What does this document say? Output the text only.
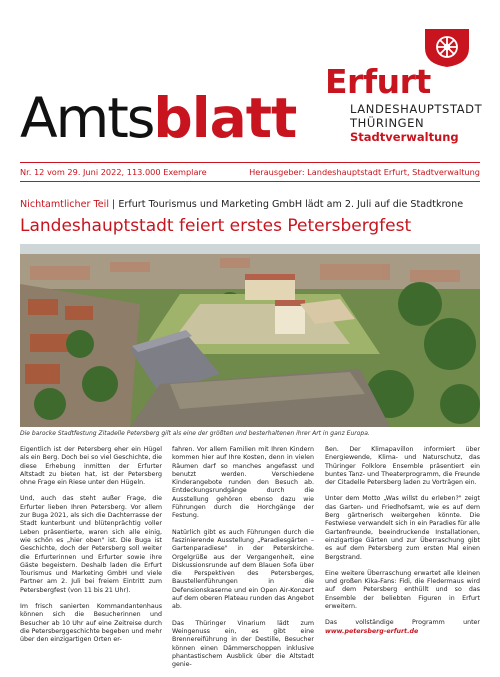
Amtsblatt
Erfurt
LANDESHAUPTSTADT
THÜRINGEN
Stadtverwaltung
Nr. 12 vom 29. Juni 2022, 113.000 Exemplare	Herausgeber: Landeshauptstadt Erfurt, Stadtverwaltung
Nichtamtlicher Teil | Erfurt Tourismus und Marketing GmbH lädt am 2. Juli auf die Stadtkrone
Landeshauptstadt feiert erstes Petersbergfest
Die barocke Stadtfestung Zitadelle Petersberg gilt als eine der größten und besterhaltenen ihrer Art in ganz Europa.

Eigentlich ist der Petersberg eher ein Hügel als ein Berg. Doch bei so viel Geschichte, die diese Erhebung inmitten der Erfurter Altstadt zu bieten hat, ist der Petersberg ohne Frage ein Riese unter den Hügeln.

Und, auch das steht außer Frage, die Erfurter lieben Ihren Petersberg. Vor allem zur Buga 2021, als sich die Dachterrasse der Stadt kunterbunt und blütenprächtig voller Leben präsentierte, waren sich alle einig, wie schön es „hier oben" ist. Die Buga ist Geschichte, doch der Petersberg soll weiter die Erfurterinnen und Erfurter sowie ihre Gäste begeistern. Deshalb laden die Erfurt Tourismus und Marketing GmbH und viele Partner am 2. Juli bei freiem Eintritt zum Petersbergfest (von 11 bis 21 Uhr).

Im frisch sanierten Kommandantenhaus können sich die Besucherinnen und Besucher ab 10 Uhr auf eine Zeitreise durch die Petersberggeschichte begeben und mehr über den einzigartigen Orten er-

fahren. Vor allem Familien mit Ihren Kindern kommen hier auf Ihre Kosten, denn in vielen Räumen darf so manches angefasst und benutzt werden. Verschiedene Kinderangebote runden den Besuch ab. Entdeckungsrundgänge durch die Ausstellung gehören ebenso dazu wie Führungen durch die Horchgänge der Festung.

Natürlich gibt es auch Führungen durch die faszinierende Ausstellung „Paradiesgärten – Gartenparadiese" in der Peterskirche. Orgelgrüße aus der Vergangenheit, eine Diskussionsrunde auf dem Blauen Sofa über die Perspektiven des Petersberges, Baustellenführungen in die Defensionskaserne und ein Open Air-Konzert auf dem oberen Plateau runden das Angebot ab.

Das Thüringer Vinarium lädt zum Weingenuss ein, es gibt eine Brennereiführung in der Destille, Besucher können einen Dämmerschoppen inklusive phantastischem Ausblick über die Altstadt genie-

ßen. Der Klimapavillon informiert über Energiewende, Klima- und Naturschutz, das Thüringer Folklore Ensemble präsentiert ein buntes Tanz- und Theaterprogramm, die Freunde der Citadelle Petersberg laden zu Vorträgen ein.

Unter dem Motto „Was willst du erleben?" zeigt das Garten- und Friedhofsamt, wie es auf dem Berg gärtnerisch weitergehen könnte. Die Festwiese verwandelt sich in ein Paradies für alle Gartenfreunde, beeindruckende Installationen, einzigartige Gärten und zur Überraschung gibt es auf dem Petersberg zum ersten Mal einen Bergstrand.

Eine weitere Überraschung erwartet alle kleinen und großen Kika-Fans: Fidi, die Fledermaus wird auf dem Petersberg enthüllt und so das Ensemble der beliebten Figuren in Erfurt erweitern.

Das vollständige Programm unter www.petersberg-erfurt.de
